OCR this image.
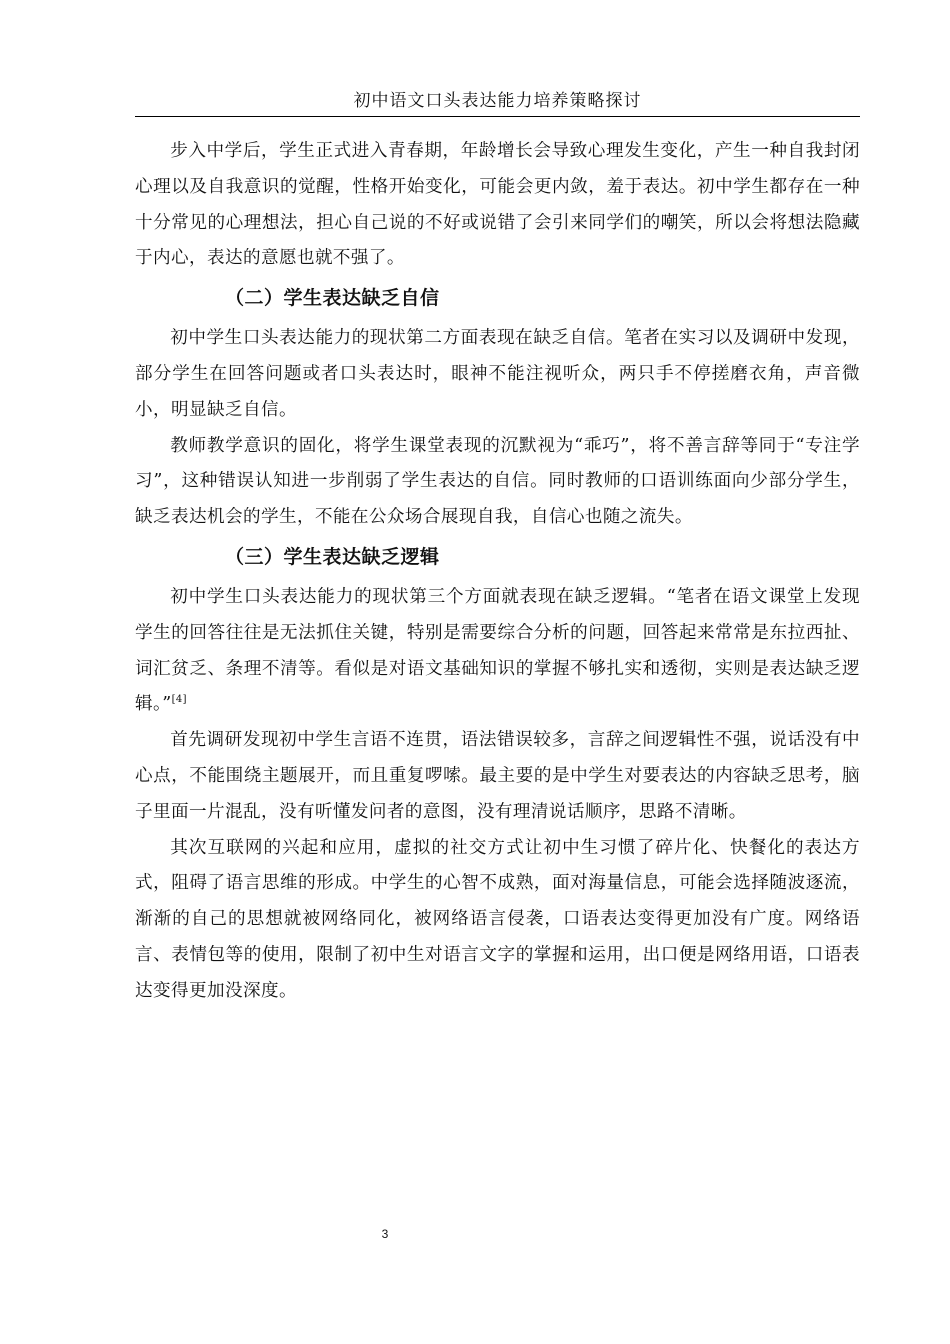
初中语文口头表达能力培养策略探讨

步入中学后，学生正式进入青春期，年龄增长会导致心理发生变化，产生一种自我封闭心理以及自我意识的觉醒，性格开始变化，可能会更内敛，羞于表达。初中学生都存在一种十分常见的心理想法，担心自己说的不好或说错了会引来同学们的嘲笑，所以会将想法隐藏于内心，表达的意愿也就不强了。

（二）学生表达缺乏自信

初中学生口头表达能力的现状第二方面表现在缺乏自信。笔者在实习以及调研中发现，部分学生在回答问题或者口头表达时，眼神不能注视听众，两只手不停搓磨衣角，声音微小，明显缺乏自信。

教师教学意识的固化，将学生课堂表现的沉默视为“乖巧”，将不善言辞等同于“专注学习”，这种错误认知进一步削弱了学生表达的自信。同时教师的口语训练面向少部分学生，缺乏表达机会的学生，不能在公众场合展现自我，自信心也随之流失。

（三）学生表达缺乏逻辑

初中学生口头表达能力的现状第三个方面就表现在缺乏逻辑。“笔者在语文课堂上发现学生的回答往往是无法抓住关键，特别是需要综合分析的问题，回答起来常常是东拉西扯、词汇贫乏、条理不清等。看似是对语文基础知识的掌握不够扎实和透彻，实则是表达缺乏逻辑。”[4]

首先调研发现初中学生言语不连贯，语法错误较多，言辞之间逻辑性不强，说话没有中心点，不能围绕主题展开，而且重复啰嗦。最主要的是中学生对要表达的内容缺乏思考，脑子里面一片混乱，没有听懂发问者的意图，没有理清说话顺序，思路不清晰。

其次互联网的兴起和应用，虚拟的社交方式让初中生习惯了碎片化、快餐化的表达方式，阻碍了语言思维的形成。中学生的心智不成熟，面对海量信息，可能会选择随波逐流，渐渐的自己的思想就被网络同化，被网络语言侵袭，口语表达变得更加没有广度。网络语言、表情包等的使用，限制了初中生对语言文字的掌握和运用，出口便是网络用语，口语表达变得更加没深度。

3
